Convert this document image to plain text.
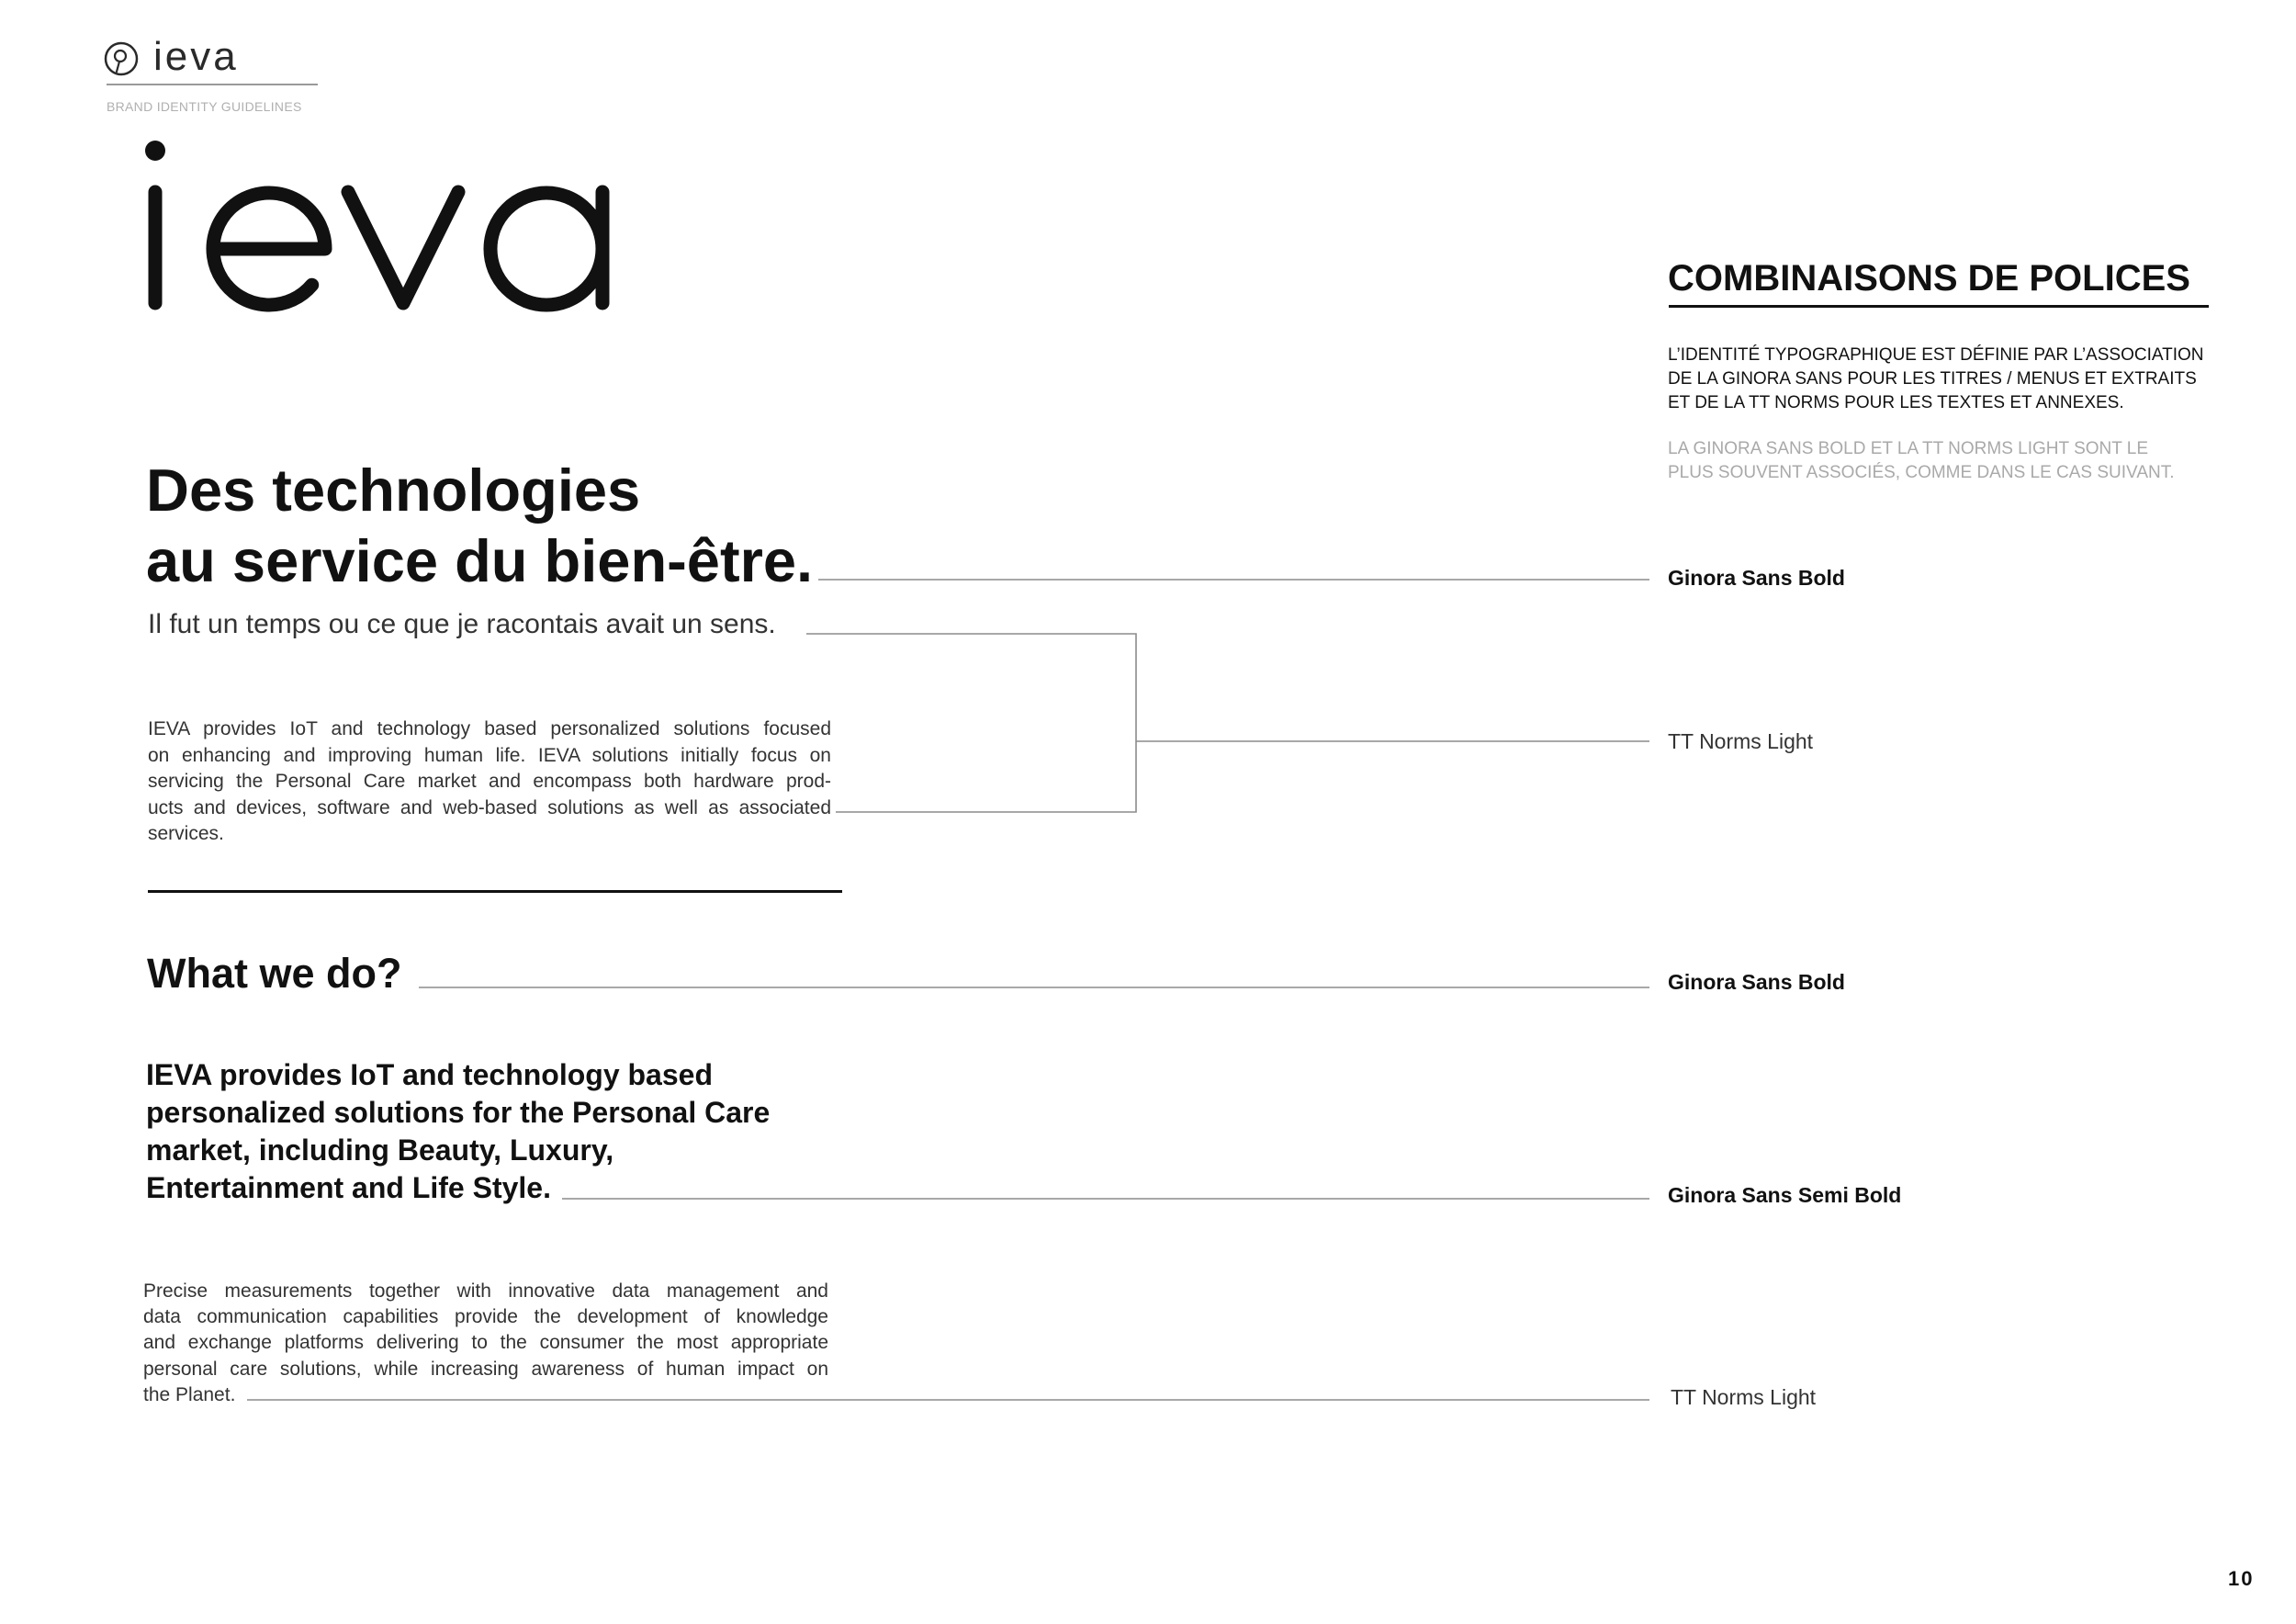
ieva
BRAND IDENTITY GUIDELINES
Des technologies
au service du bien-être.
Il fut un temps ou ce que je racontais avait un sens.
IEVA provides IoT and technology based personalized solutions focused
on enhancing and improving human life. IEVA solutions initially focus on
servicing the Personal Care market and encompass both hardware prod-
ucts and devices, software and web-based solutions as well as associated
services.
What we do?
IEVA provides IoT and technology based
personalized solutions for the Personal Care
market, including Beauty, Luxury,
Entertainment and Life Style.
Precise measurements together with innovative data management and
data communication capabilities provide the development of knowledge
and exchange platforms delivering to the consumer the most appropriate
personal care solutions, while increasing awareness of human impact on
the Planet.
COMBINAISONS DE POLICES
L’IDENTITÉ TYPOGRAPHIQUE EST DÉFINIE PAR L’ASSOCIATION
DE LA GINORA SANS POUR LES TITRES / MENUS ET EXTRAITS
ET DE LA TT NORMS POUR LES TEXTES ET ANNEXES.
LA GINORA SANS BOLD ET LA TT NORMS LIGHT SONT LE
PLUS SOUVENT ASSOCIÉS, COMME DANS LE CAS SUIVANT.
Ginora Sans Bold
TT Norms Light
Ginora Sans Bold
Ginora Sans Semi Bold
TT Norms Light
10
